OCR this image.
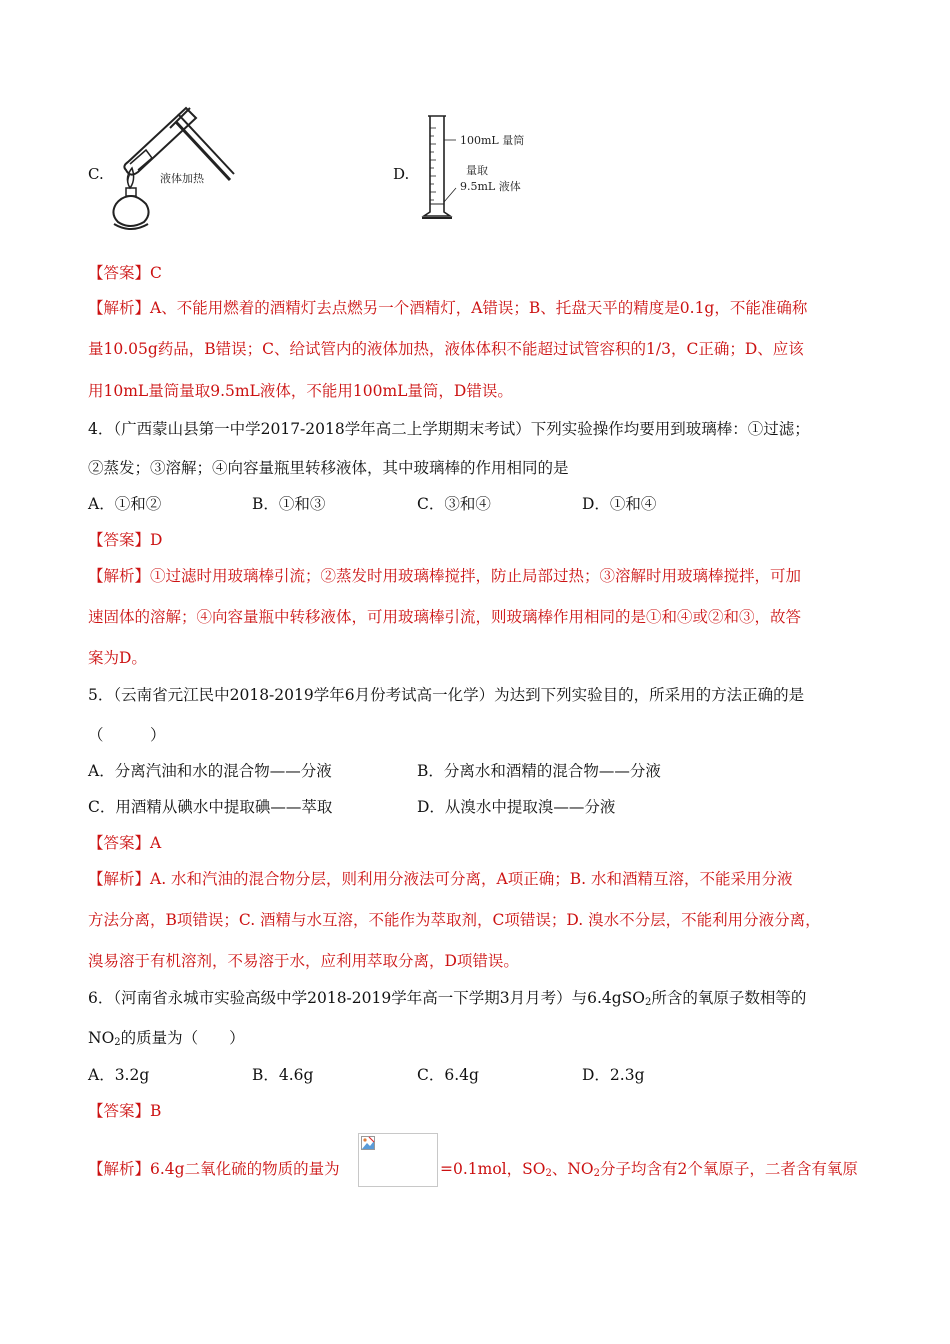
C.	液体加热	D.
100mL 量筒
量取
9.5mL 液体
【答案】C
【解析】A、不能用燃着的酒精灯去点燃另一个酒精灯，A错误；B、托盘天平的精度是0.1g，不能准确称
量10.05g药品，B错误；C、给试管内的液体加热，液体体积不能超过试管容积的1/3，C正确；D、应该
用10mL量筒量取9.5mL液体，不能用100mL量筒，D错误。
4．（广西蒙山县第一中学2017-2018学年高二上学期期末考试）下列实验操作均要用到玻璃棒：①过滤；
②蒸发；③溶解；④向容量瓶里转移液体，其中玻璃棒的作用相同的是
A．①和②	B．①和③	C．③和④	D．①和④
【答案】D
【解析】①过滤时用玻璃棒引流；②蒸发时用玻璃棒搅拌，防止局部过热；③溶解时用玻璃棒搅拌，可加
速固体的溶解；④向容量瓶中转移液体，可用玻璃棒引流，则玻璃棒作用相同的是①和④或②和③，故答
案为D。
5．（云南省元江民中2018-2019学年6月份考试高一化学）为达到下列实验目的，所采用的方法正确的是
（　　　）
A．分离汽油和水的混合物——分液	B．分离水和酒精的混合物——分液
C．用酒精从碘水中提取碘——萃取	D．从溴水中提取溴——分液
【答案】A
【解析】A. 水和汽油的混合物分层，则利用分液法可分离，A项正确；B. 水和酒精互溶，不能采用分液
方法分离，B项错误；C. 酒精与水互溶，不能作为萃取剂，C项错误；D. 溴水不分层，不能利用分液分离，
溴易溶于有机溶剂，不易溶于水，应利用萃取分离，D项错误。
6．（河南省永城市实验高级中学2018-2019学年高一下学期3月月考）与6.4gSO$_2$所含的氧原子数相等的
$NO_2$的质量为（　　）
A．3.2g	B．4.6g	C．6.4g	D．2.3g
【答案】B
【解析】6.4g二氧化硫的物质的量为	=0.1mol，$SO_2$、$NO_2$分子均含有2个氧原子，二者含有氧原
